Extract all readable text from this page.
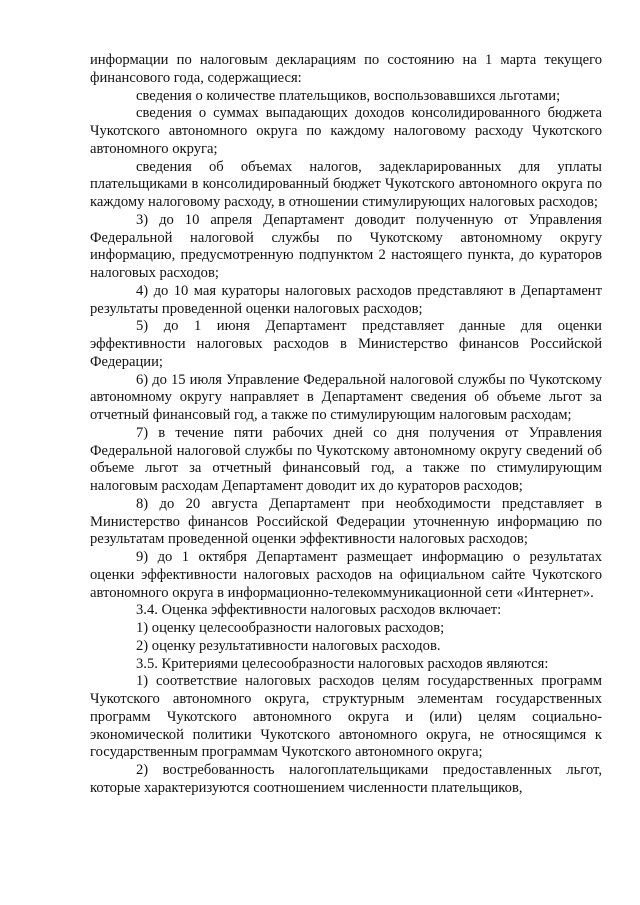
информации по налоговым декларациям по состоянию на 1 марта текущего финансового года, содержащиеся:

сведения о количестве плательщиков, воспользовавшихся льготами;

сведения о суммах выпадающих доходов консолидированного бюджета Чукотского автономного округа по каждому налоговому расходу Чукотского автономного округа;

сведения об объемах налогов, задекларированных для уплаты плательщиками в консолидированный бюджет Чукотского автономного округа по каждому налоговому расходу, в отношении стимулирующих налоговых расходов;

3) до 10 апреля Департамент доводит полученную от Управления Федеральной налоговой службы по Чукотскому автономному округу информацию, предусмотренную подпунктом 2 настоящего пункта, до кураторов налоговых расходов;

4) до 10 мая кураторы налоговых расходов представляют в Департамент результаты проведенной оценки налоговых расходов;

5) до 1 июня Департамент представляет данные для оценки эффективности налоговых расходов в Министерство финансов Российской Федерации;

6) до 15 июля Управление Федеральной налоговой службы по Чукотскому автономному округу направляет в Департамент сведения об объеме льгот за отчетный финансовый год, а также по стимулирующим налоговым расходам;

7) в течение пяти рабочих дней со дня получения от Управления Федеральной налоговой службы по Чукотскому автономному округу сведений об объеме льгот за отчетный финансовый год, а также по стимулирующим налоговым расходам Департамент доводит их до кураторов расходов;

8) до 20 августа Департамент при необходимости представляет в Министерство финансов Российской Федерации уточненную информацию по результатам проведенной оценки эффективности налоговых расходов;

9) до 1 октября Департамент размещает информацию о результатах оценки эффективности налоговых расходов на официальном сайте Чукотского автономного округа в информационно-телекоммуникационной сети «Интернет».

3.4. Оценка эффективности налоговых расходов включает:

1) оценку целесообразности налоговых расходов;

2) оценку результативности налоговых расходов.

3.5. Критериями целесообразности налоговых расходов являются:

1) соответствие налоговых расходов целям государственных программ Чукотского автономного округа, структурным элементам государственных программ Чукотского автономного округа и (или) целям социально-экономической политики Чукотского автономного округа, не относящимся к государственным программам Чукотского автономного округа;

2) востребованность налогоплательщиками предоставленных льгот, которые характеризуются соотношением численности плательщиков,
